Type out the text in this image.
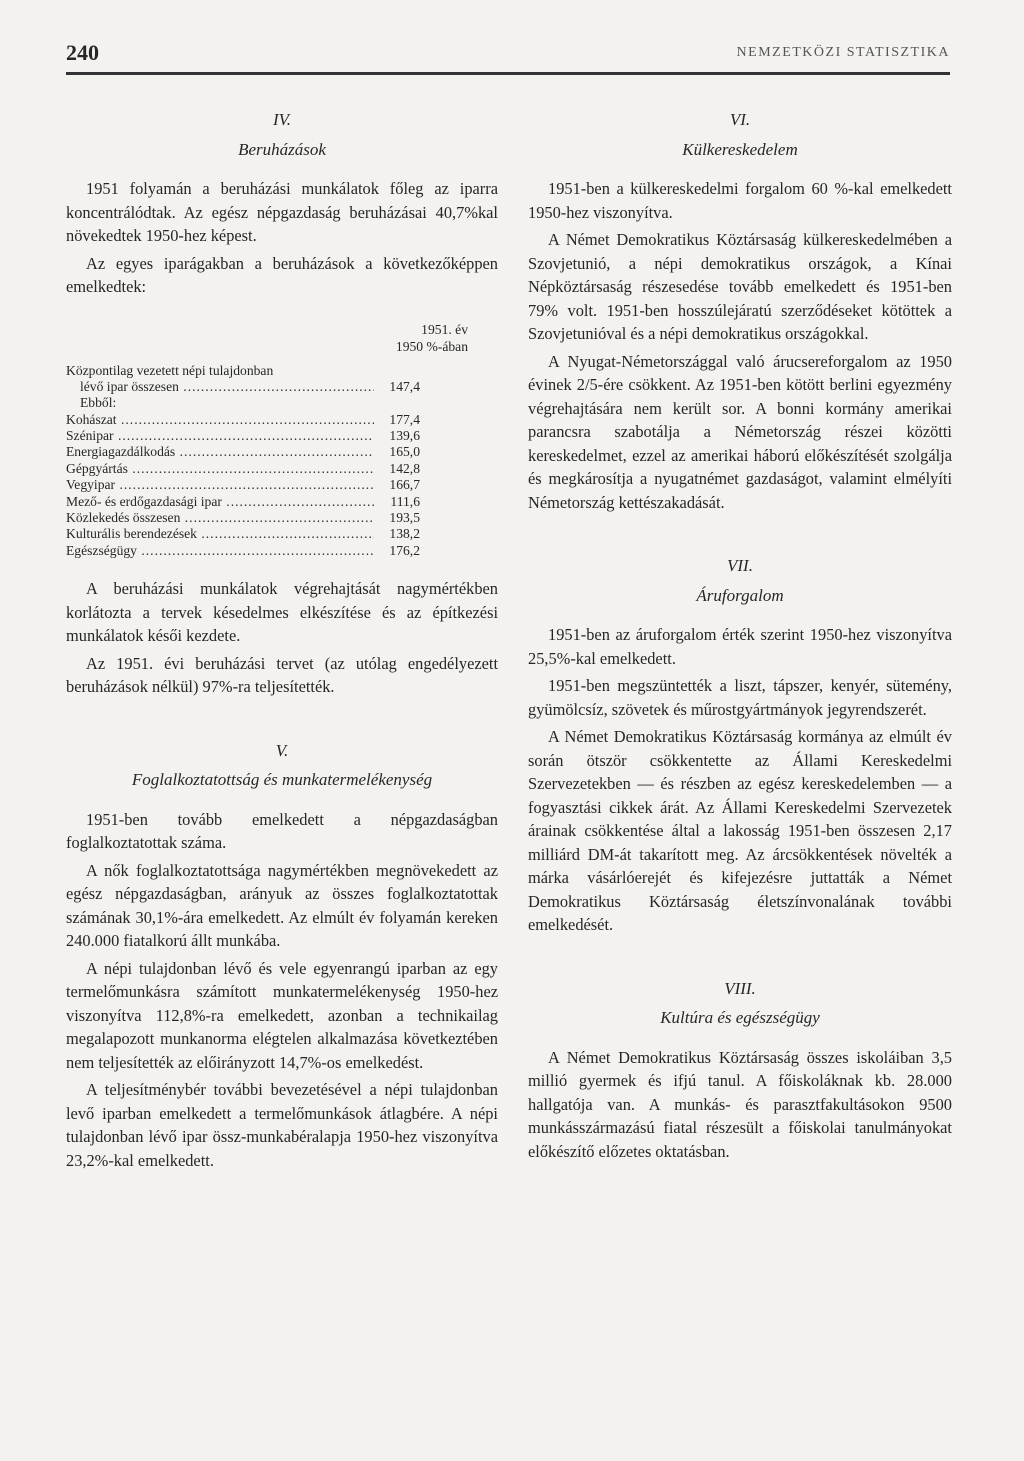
240	NEMZETKÖZI STATISZTIKA
IV.
Beruházások

1951 folyamán a beruházási munkálatok főleg az iparra koncentrálódtak. Az egész népgazdaság beruházásai 40,7%kal növekedtek 1950-hez képest.

Az egyes iparágakban a beruházások a következőképpen emelkedtek:

1951. év
1950 %-ában
Központilag vezetett népi tulajdonban
lévő ipar összesen .....	147,4
Ebből:
Kohászat .....	177,4
Szénipar .....	139,6
Energiagazdálkodás .....	165,0
Gépgyártás .....	142,8
Vegyipar .....	166,7
Mező- és erdőgazdasági ipar .....	111,6
Közlekedés összesen .....	193,5
Kulturális berendezések .....	138,2
Egészségügy .....	176,2

A beruházási munkálatok végrehajtását nagymértékben korlátozta a tervek késedelmes elkészítése és az építkezési munkálatok késői kezdete.

Az 1951. évi beruházási tervet (az utólag engedélyezett beruházások nélkül) 97%-ra teljesítették.

V.
Foglalkoztatottság és munkatermelékenység

1951-ben tovább emelkedett a népgazdaságban foglalkoztatottak száma.

A nők foglalkoztatottsága nagymértékben megnövekedett az egész népgazdaságban, arányuk az összes foglalkoztatottak számának 30,1%-ára emelkedett. Az elmúlt év folyamán kereken 240.000 fiatalkorú állt munkába.

A népi tulajdonban lévő és vele egyenrangú iparban az egy termelőmunkásra számított munkatermelékenység 1950-hez viszonyítva 112,8%-ra emelkedett, azonban a technikailag megalapozott munkanorma elégtelen alkalmazása következtében nem teljesítették az előirányzott 14,7%-os emelkedést.

A teljesítménybér további bevezetésével a népi tulajdonban levő iparban emelkedett a termelőmunkások átlagbére. A népi tulajdonban lévő ipar össz-munkabéralapja 1950-hez viszonyítva 23,2%-kal emelkedett.

VI.
Külkereskedelem

1951-ben a külkereskedelmi forgalom 60 %-kal emelkedett 1950-hez viszonyítva.

A Német Demokratikus Köztársaság külkereskedelmében a Szovjetunió, a népi demokratikus országok, a Kínai Népköztársaság részesedése tovább emelkedett és 1951-ben 79% volt. 1951-ben hosszúlejáratú szerződéseket kötöttek a Szovjetunióval és a népi demokratikus országokkal.

A Nyugat-Németországgal való árucsereforgalom az 1950 évinek 2/5-ére csökkent. Az 1951-ben kötött berlini egyezmény végrehajtására nem került sor. A bonni kormány amerikai parancsra szabotálja a Németország részei közötti kereskedelmet, ezzel az amerikai háború előkészítését szolgálja és megkárosítja a nyugatnémet gazdaságot, valamint elmélyíti Németország kettészakadását.

VII.
Áruforgalom

1951-ben az áruforgalom érték szerint 1950-hez viszonyítva 25,5%-kal emelkedett.

1951-ben megszüntették a liszt, tápszer, kenyér, sütemény, gyümölcsíz, szövetek és műrostgyártmányok jegyrendszerét.

A Német Demokratikus Köztársaság kormánya az elmúlt év során ötször csökkentette az Állami Kereskedelmi Szervezetekben — és részben az egész kereskedelemben — a fogyasztási cikkek árát. Az Állami Kereskedelmi Szervezetek árainak csökkentése által a lakosság 1951-ben összesen 2,17 milliárd DM-át takarított meg. Az árcsökkentések növelték a márka vásárlóerejét és kifejezésre juttatták a Német Demokratikus Köztársaság életszínvonalának további emelkedését.

VIII.
Kultúra és egészségügy

A Német Demokratikus Köztársaság összes iskoláiban 3,5 millió gyermek és ifjú tanul. A főiskoláknak kb. 28.000 hallgatója van. A munkás- és parasztfakultásokon 9500 munkásszármazású fiatal részesült a főiskolai tanulmányokat előkészítő előzetes oktatásban.
